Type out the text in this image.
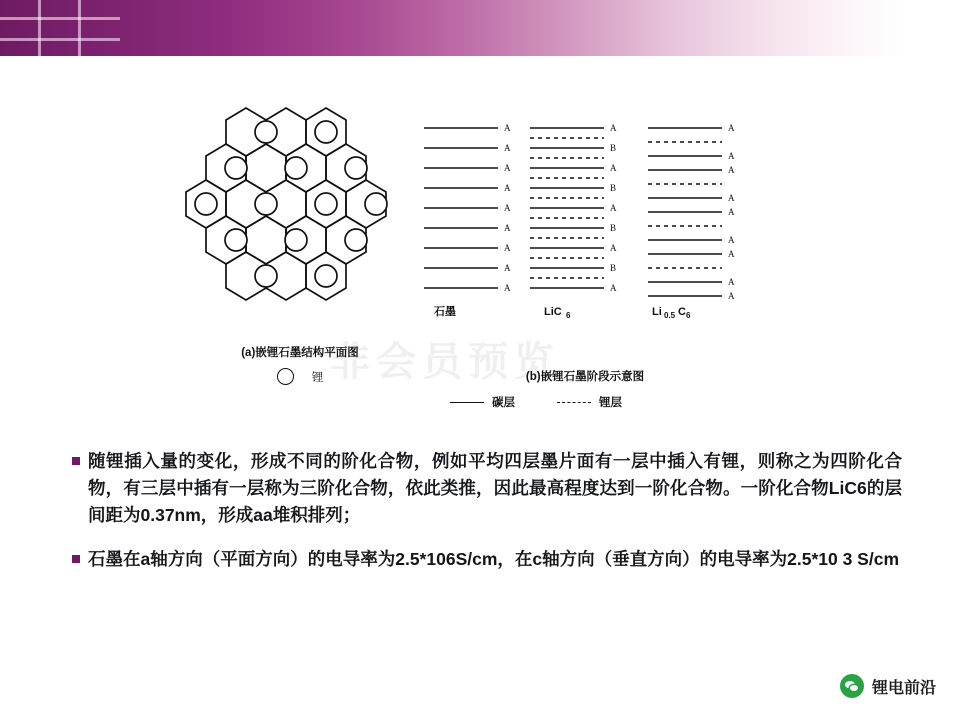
A
A
A
A
A
A
A
A
A
A
B
A
B
A
B
A
B
A
A
A
A
A
A
A
A
A
A
石墨	LiC 6	Li 0.5 C 6
非会员预览
(a)嵌锂石墨结构平面图
锂	(b)嵌锂石墨阶段示意图
碳层	锂层

随锂插入量的变化，形成不同的阶化合物，例如平均四层墨片面有一层中插入有锂，则称之为四阶化合物，有三层中插有一层称为三阶化合物，依此类推，因此最高程度达到一阶化合物。一阶化合物LiC6的层间距为0.37nm，形成aa堆积排列；

石墨在a轴方向（平面方向）的电导率为2.5*106S/cm，在c轴方向（垂直方向）的电导率为2.5*10 3 S/cm

锂电前沿
